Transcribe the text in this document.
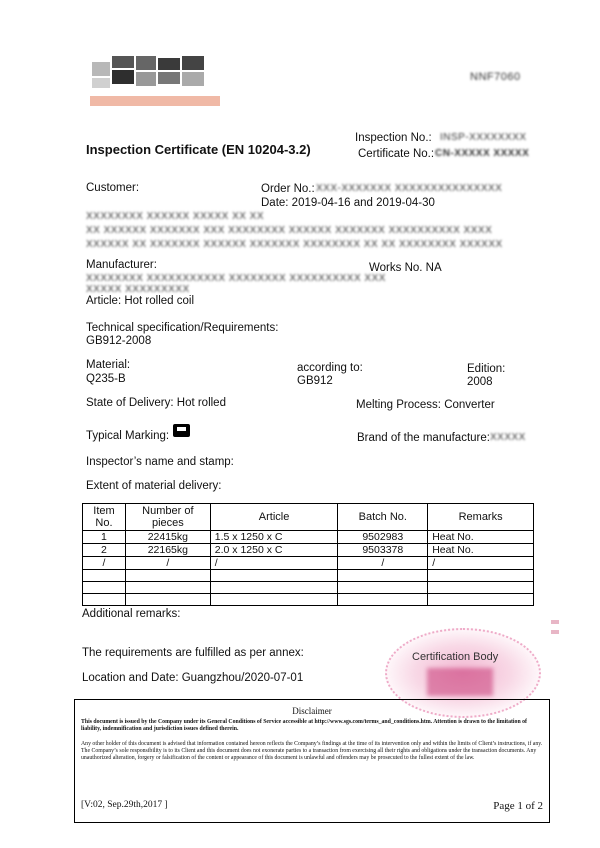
NNF7060
Inspection Certificate (EN 10204-3.2)
Inspection No.: INSP-XXXXXXXX
Certificate No.: CN-XXXXX XXXXX
Customer:	Order No.: XXX-XXXXXXX XXXXXXXXXXXXXXX
Date: 2019-04-16 and 2019-04-30
XXXXXXXX XXXXXX XXXXX XX XX
XX XXXXXX XXXXXXX XXX XXXXXXXX XXXXXX XXXXXXX XXXXXXXXXX XXXX
XXXXXX XX XXXXXXX XXXXXX XXXXXXX XXXXXXXX XX XX XXXXXXXX XXXXXX
Manufacturer:	Works No. NA
XXXXXXXX XXXXXXXXXXX XXXXXXXX XXXXXXXXXX XXX
XXXXX XXXXXXXXX
Article: Hot rolled coil
Technical specification/Requirements:
GB912-2008
Material:
Q235-B
according to:
GB912
Edition:
2008
State of Delivery: Hot rolled	Melting Process: Converter
Typical Marking:	Brand of the manufacture: XXXXX
Inspector’s name and stamp:
Extent of material delivery:
Item No.	Number of pieces	Article	Batch No.	Remarks
1	22415kg	1.5 x 1250 x C	9502983	Heat No.
2	22165kg	2.0 x 1250 x C	9503378	Heat No.
/	/	/	/	/

Additional remarks:
The requirements are fulfilled as per annex:
Location and Date: Guangzhou/2020-07-01
Certification Body
Disclaimer
This document is issued by the Company under its General Conditions of Service accessible at http://www.sgs.com/terms_and_conditions.htm. Attention is drawn to the limitation of liability, indemnification and jurisdiction issues defined therein.
Any other holder of this document is advised that information contained hereon reflects the Company’s findings at the time of its intervention only and within the limits of Client’s instructions, if any. The Company’s sole responsibility is to its Client and this document does not exonerate parties to a transaction from exercising all their rights and obligations under the transaction documents. Any unauthorized alteration, forgery or falsification of the content or appearance of this document is unlawful and offenders may be prosecuted to the fullest extent of the law.
[V:02, Sep.29th,2017 ]	Page 1 of 2
